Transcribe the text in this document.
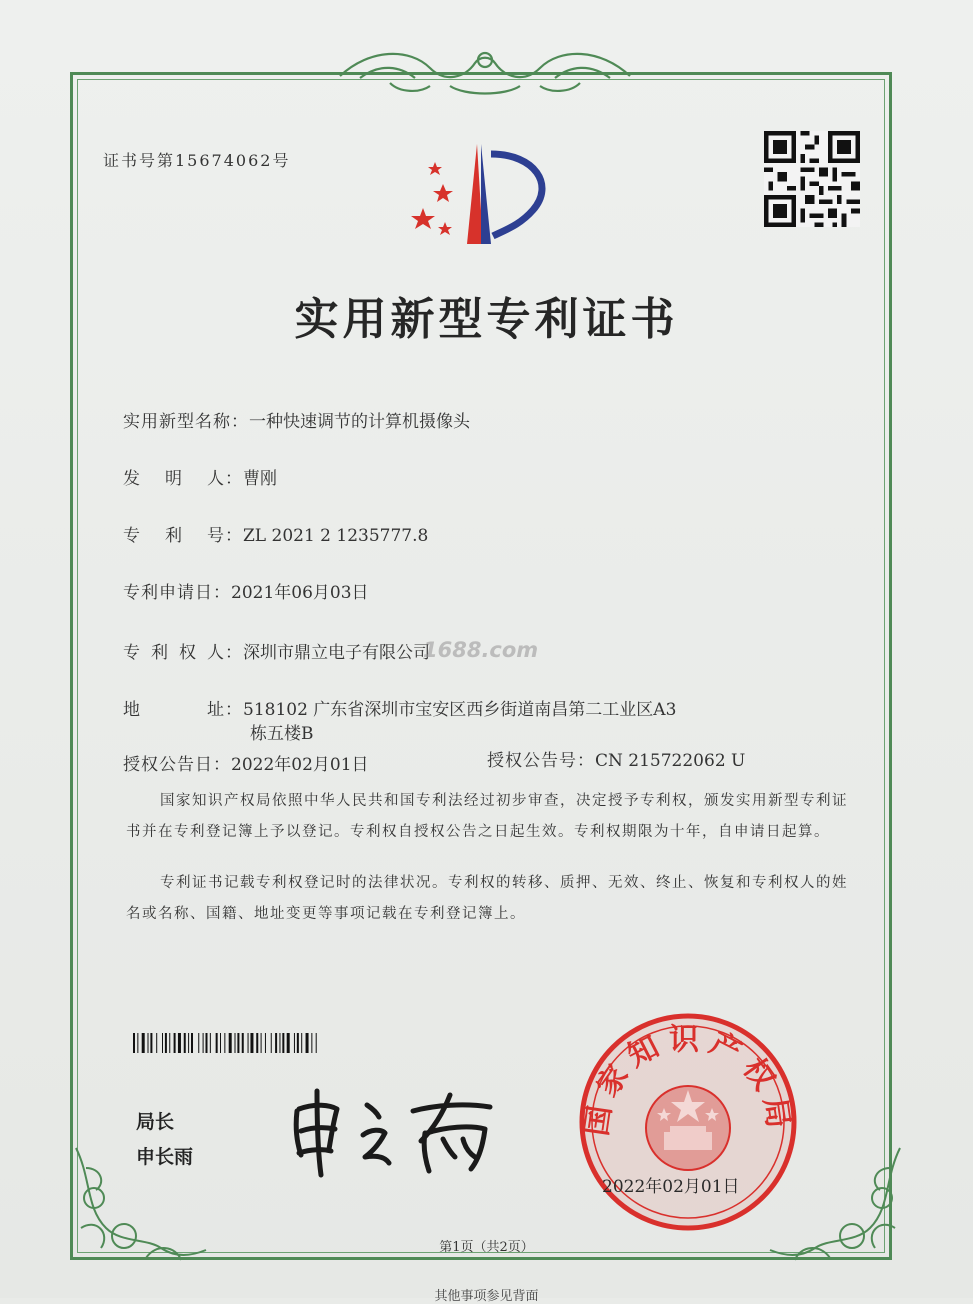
证书号第15674062号
实用新型专利证书
实用新型名称：一种快速调节的计算机摄像头
发 明 人 ：曹刚
专 利 号 ：ZL 2021 2 1235777.8
专利申请日：2021年06月03日
专 利 权 人 ：深圳市鼎立电子有限公司
地	址 ：518102 广东省深圳市宝安区西乡街道南昌第二工业区A3
栋五楼B
授权公告日：2022年02月01日	授权公告号：CN 215722062 U
1688.com
国家知识产权局依照中华人民共和国专利法经过初步审查，决定授予专利权，颁发实用新型专利证书并在专利登记簿上予以登记。专利权自授权公告之日起生效。专利权期限为十年，自申请日起算。
专利证书记载专利权登记时的法律状况。专利权的转移、质押、无效、终止、恢复和专利权人的姓名或名称、国籍、地址变更等事项记载在专利登记簿上。
局长
申长雨
国家知识产权局
2022年02月01日
第1页（共2页）
其他事项参见背面
